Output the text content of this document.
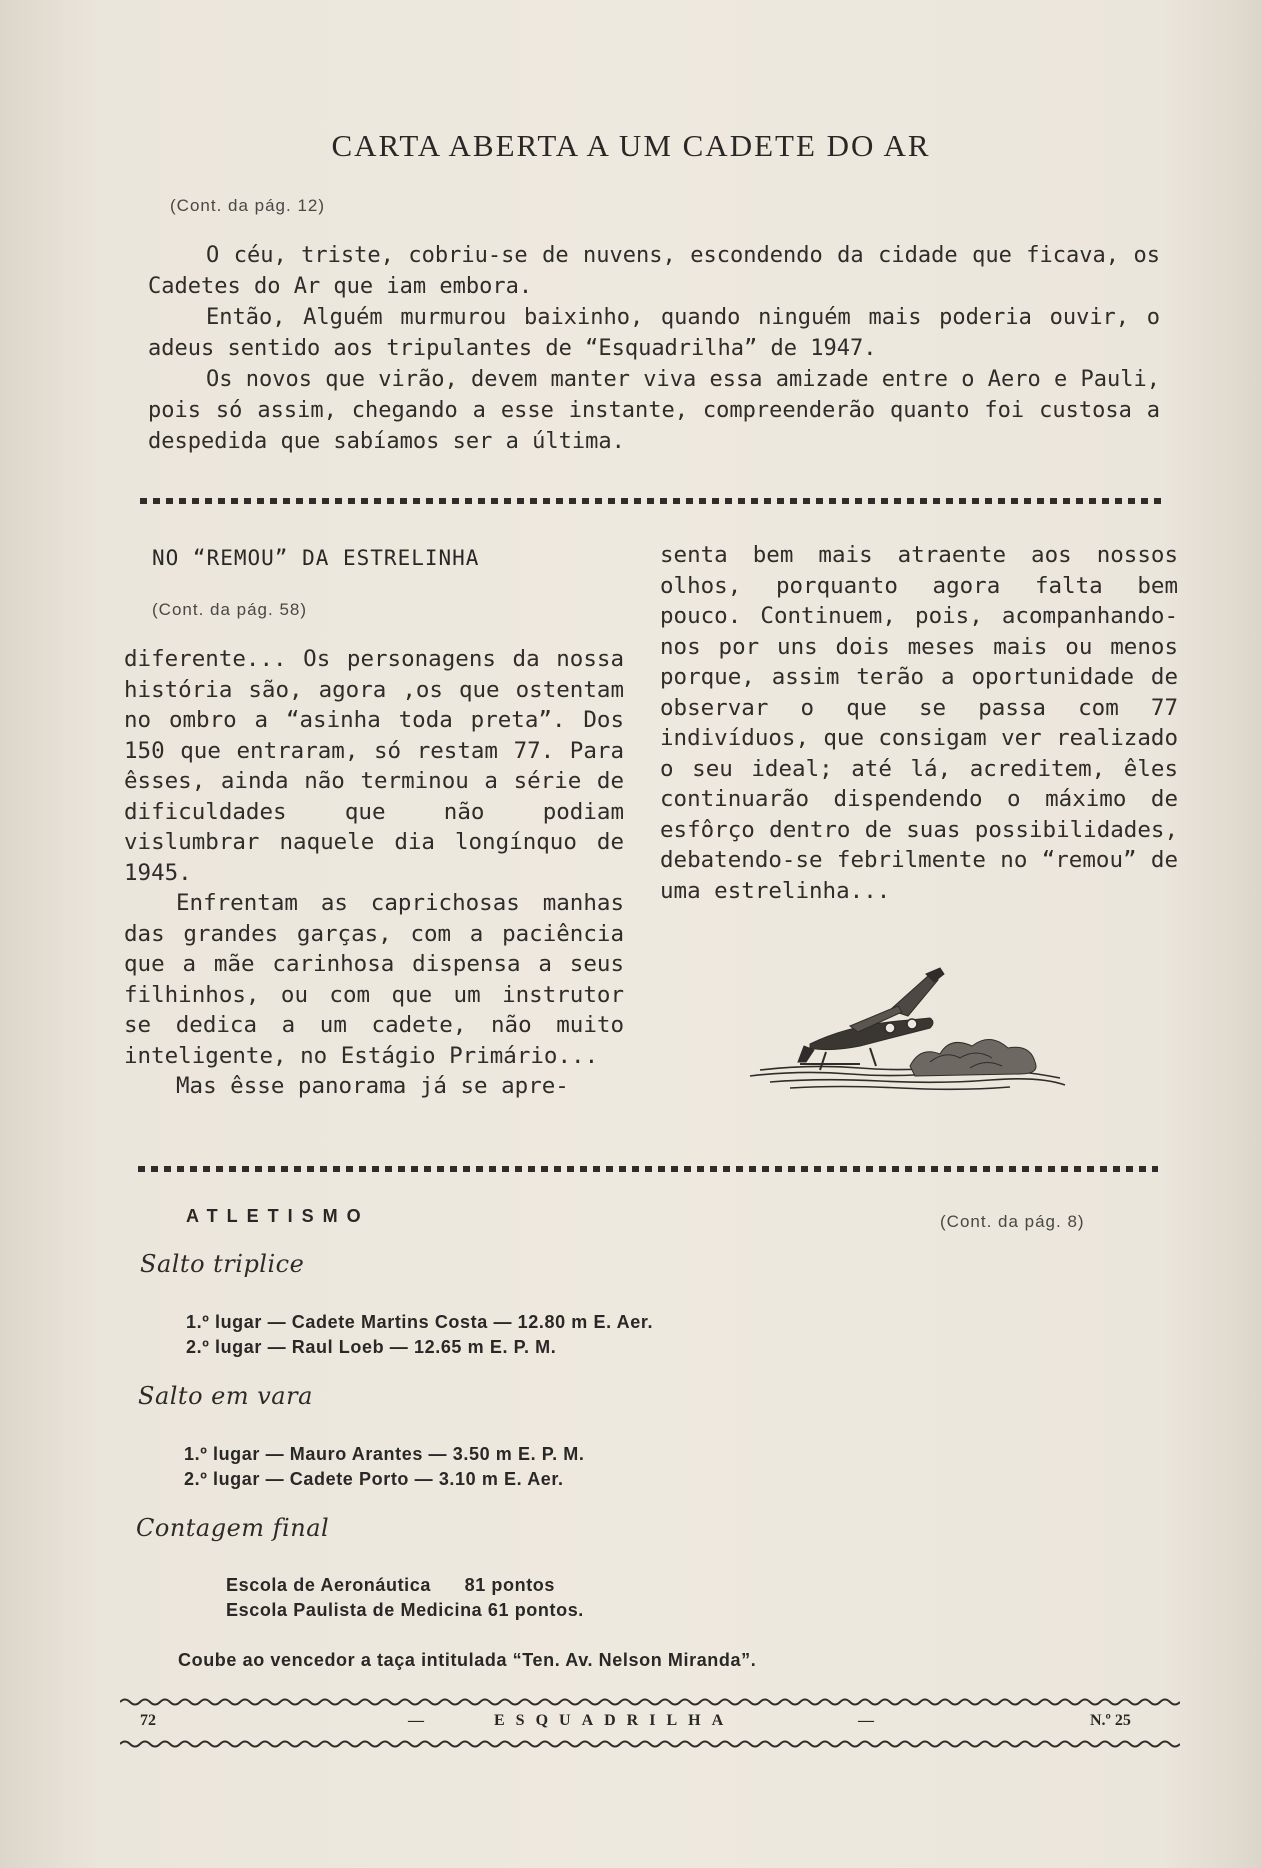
CARTA ABERTA A UM CADETE DO AR
(Cont. da pág. 12)

O céu, triste, cobriu-se de nuvens, escondendo da cidade que ficava, os Cadetes do Ar que iam embora.

Então, Alguém murmurou baixinho, quando ninguém mais poderia ouvir, o adeus sentido aos tripulantes de “Esquadrilha” de 1947.

Os novos que virão, devem manter viva essa amizade entre o Aero e Pauli, pois só assim, chegando a esse instante, compreenderão quanto foi custosa a despedida que sabíamos ser a última.

NO “REMOU” DA ESTRELINHA
(Cont. da pág. 58)

diferente... Os personagens da nossa história são, agora ,os que ostentam no ombro a “asinha toda preta”. Dos 150 que entraram, só restam 77. Para êsses, ainda não terminou a série de dificuldades que não podiam vislumbrar naquele dia longínquo de 1945.

Enfrentam as caprichosas manhas das grandes garças, com a paciência que a mãe carinhosa dispensa a seus filhinhos, ou com que um instrutor se dedica a um cadete, não muito inteligente, no Estágio Primário...

Mas êsse panorama já se apre-

senta bem mais atraente aos nossos olhos, porquanto agora falta bem pouco. Continuem, pois, acompanhando-nos por uns dois meses mais ou menos porque, assim terão a oportunidade de observar o que se passa com 77 indivíduos, que consigam ver realizado o seu ideal; até lá, acreditem, êles continuarão dispendendo o máximo de esfôrço dentro de suas possibilidades, debatendo-se febrilmente no “remou” de uma estrelinha...

ATLETISMO	(Cont. da pág. 8)
Salto triplice
1.º lugar — Cadete Martins Costa — 12.80 m E. Aer.
2.º lugar — Raul Loeb — 12.65 m E. P. M.
Salto em vara
1.º lugar — Mauro Arantes — 3.50 m E. P. M.
2.º lugar — Cadete Porto — 3.10 m E. Aer.
Contagem final
Escola de Aeronáutica      81 pontos
Escola Paulista de Medicina 61 pontos.
Coube ao vencedor a taça intitulada “Ten. Av. Nelson Miranda”.
72	—	ESQUADRILHA	—	N.º 25
